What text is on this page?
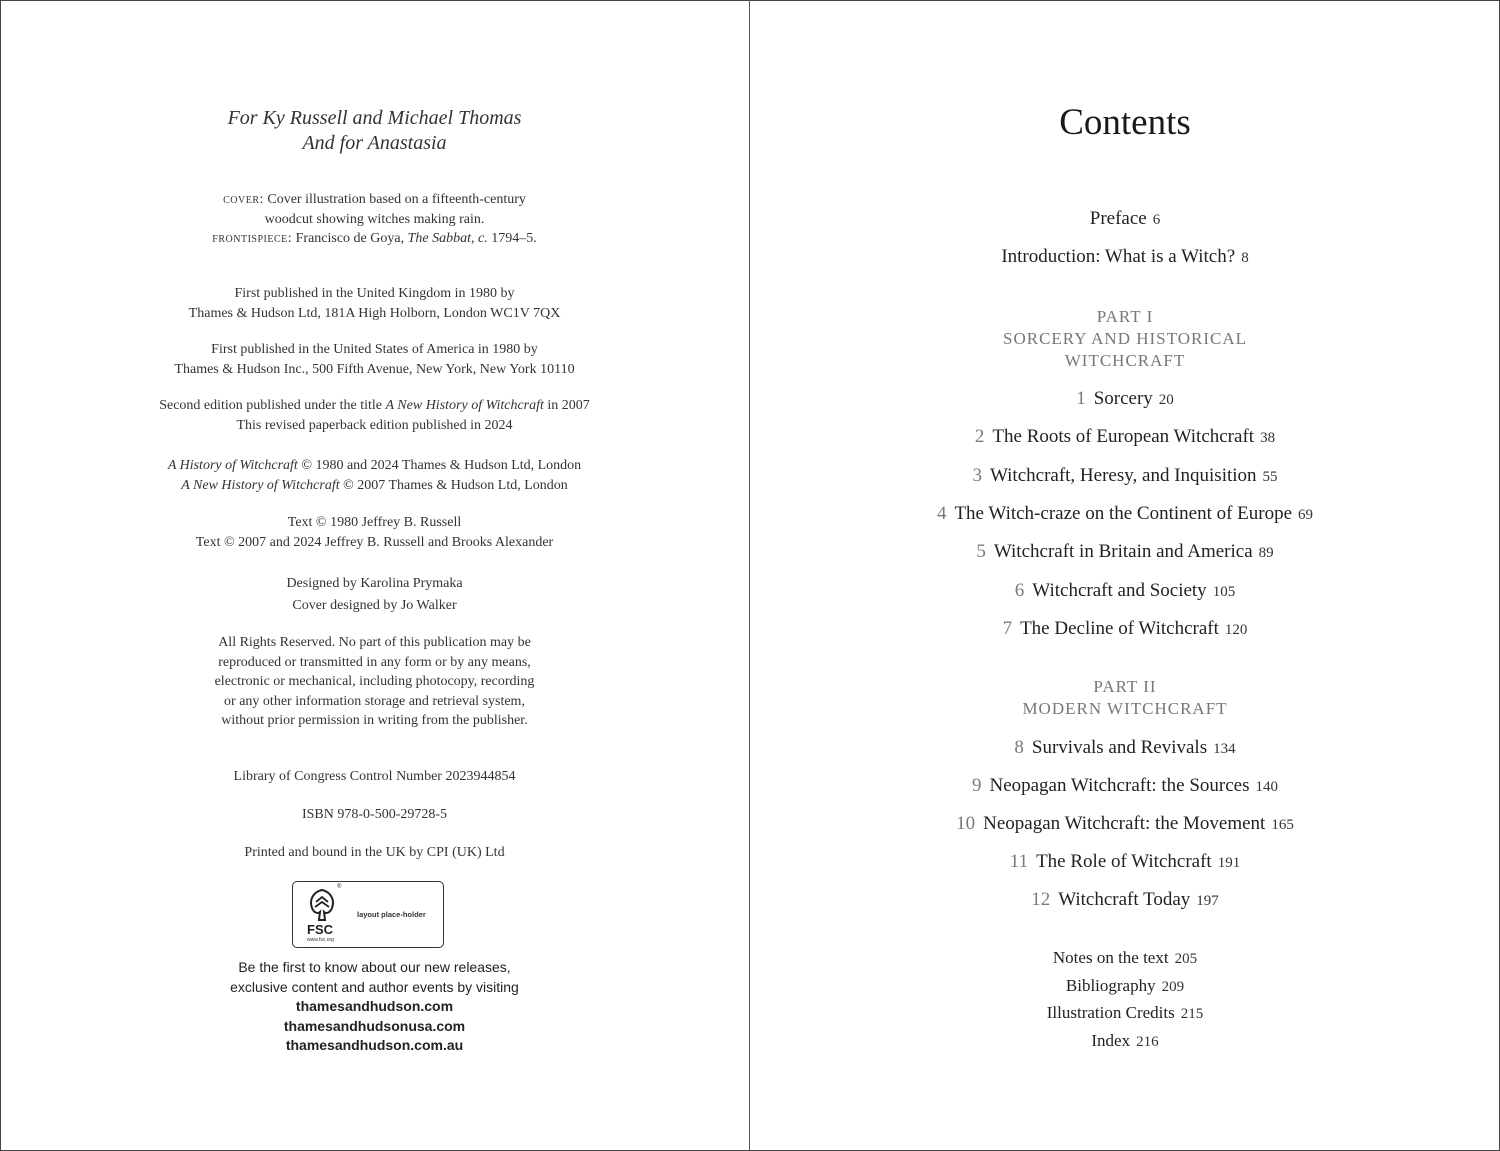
For Ky Russell and Michael Thomas
And for Anastasia
cover: Cover illustration based on a fifteenth-century
woodcut showing witches making rain.
frontispiece: Francisco de Goya, The Sabbat, c. 1794–5.
First published in the United Kingdom in 1980 by
Thames & Hudson Ltd, 181A High Holborn, London WC1V 7QX
First published in the United States of America in 1980 by
Thames & Hudson Inc., 500 Fifth Avenue, New York, New York 10110
Second edition published under the title A New History of Witchcraft in 2007
This revised paperback edition published in 2024
A History of Witchcraft © 1980 and 2024 Thames & Hudson Ltd, London
A New History of Witchcraft © 2007 Thames & Hudson Ltd, London
Text © 1980 Jeffrey B. Russell
Text © 2007 and 2024 Jeffrey B. Russell and Brooks Alexander
Designed by Karolina Prymaka
Cover designed by Jo Walker
All Rights Reserved. No part of this publication may be
reproduced or transmitted in any form or by any means,
electronic or mechanical, including photocopy, recording
or any other information storage and retrieval system,
without prior permission in writing from the publisher.
Library of Congress Control Number 2023944854
ISBN 978-0-500-29728-5
Printed and bound in the UK by CPI (UK) Ltd
®
FSC
www.fsc.org
layout place-holder
Be the first to know about our new releases,
exclusive content and author events by visiting
thamesandhudson.com
thamesandhudsonusa.com
thamesandhudson.com.au
Contents
Preface 6
Introduction: What is a Witch? 8
PART I
SORCERY AND HISTORICAL
WITCHCRAFT
1 Sorcery 20
2 The Roots of European Witchcraft 38
3 Witchcraft, Heresy, and Inquisition 55
4 The Witch-craze on the Continent of Europe 69
5 Witchcraft in Britain and America 89
6 Witchcraft and Society 105
7 The Decline of Witchcraft 120
PART II
MODERN WITCHCRAFT
8 Survivals and Revivals 134
9 Neopagan Witchcraft: the Sources 140
10 Neopagan Witchcraft: the Movement 165
11 The Role of Witchcraft 191
12 Witchcraft Today 197
Notes on the text 205
Bibliography 209
Illustration Credits 215
Index 216
